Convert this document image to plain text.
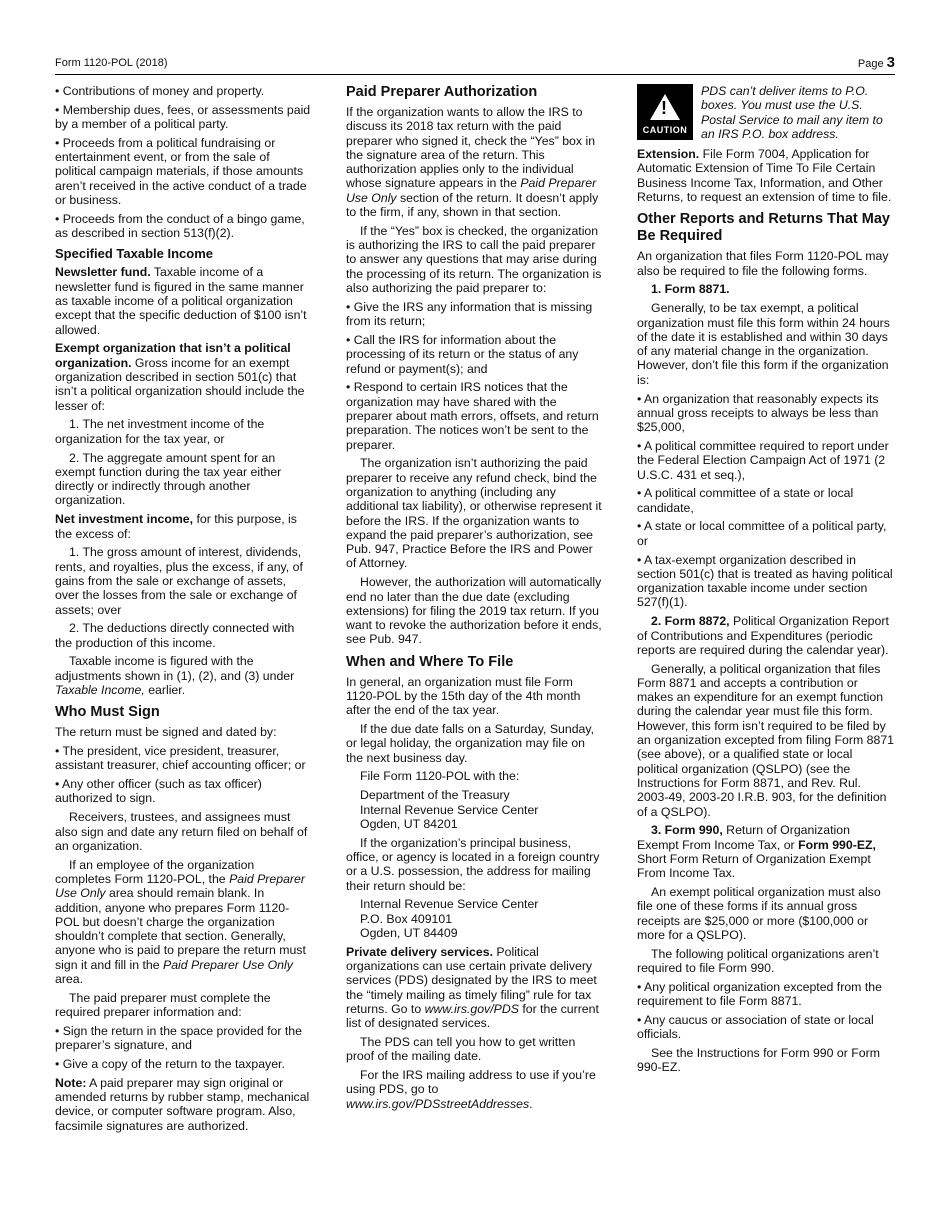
Form 1120-POL (2018)	Page 3

• Contributions of money and property.

• Membership dues, fees, or assessments paid by a member of a political party.

• Proceeds from a political fundraising or entertainment event, or from the sale of political campaign materials, if those amounts aren’t received in the active conduct of a trade or business.

• Proceeds from the conduct of a bingo game, as described in section 513(f)(2).

Specified Taxable Income

Newsletter fund. Taxable income of a newsletter fund is figured in the same manner as taxable income of a political organization except that the specific deduction of $100 isn’t allowed.

Exempt organization that isn’t a political organization. Gross income for an exempt organization described in section 501(c) that isn’t a political organization should include the lesser of:

1. The net investment income of the organization for the tax year, or

2. The aggregate amount spent for an exempt function during the tax year either directly or indirectly through another organization.

Net investment income, for this purpose, is the excess of:

1. The gross amount of interest, dividends, rents, and royalties, plus the excess, if any, of gains from the sale or exchange of assets, over the losses from the sale or exchange of assets; over

2. The deductions directly connected with the production of this income.

Taxable income is figured with the adjustments shown in (1), (2), and (3) under Taxable Income, earlier.

Who Must Sign

The return must be signed and dated by:

• The president, vice president, treasurer, assistant treasurer, chief accounting officer; or

• Any other officer (such as tax officer) authorized to sign.

Receivers, trustees, and assignees must also sign and date any return filed on behalf of an organization.

If an employee of the organization completes Form 1120-POL, the Paid Preparer Use Only area should remain blank. In addition, anyone who prepares Form 1120-POL but doesn’t charge the organization shouldn’t complete that section. Generally, anyone who is paid to prepare the return must sign it and fill in the Paid Preparer Use Only area.

The paid preparer must complete the required preparer information and:

• Sign the return in the space provided for the preparer’s signature, and

• Give a copy of the return to the taxpayer.

Note: A paid preparer may sign original or amended returns by rubber stamp, mechanical device, or computer software program. Also, facsimile signatures are authorized.

Paid Preparer Authorization

If the organization wants to allow the IRS to discuss its 2018 tax return with the paid preparer who signed it, check the “Yes” box in the signature area of the return. This authorization applies only to the individual whose signature appears in the Paid Preparer Use Only section of the return. It doesn’t apply to the firm, if any, shown in that section.

If the “Yes” box is checked, the organization is authorizing the IRS to call the paid preparer to answer any questions that may arise during the processing of its return. The organization is also authorizing the paid preparer to:

• Give the IRS any information that is missing from its return;

• Call the IRS for information about the processing of its return or the status of any refund or payment(s); and

• Respond to certain IRS notices that the organization may have shared with the preparer about math errors, offsets, and return preparation. The notices won’t be sent to the preparer.

The organization isn’t authorizing the paid preparer to receive any refund check, bind the organization to anything (including any additional tax liability), or otherwise represent it before the IRS. If the organization wants to expand the paid preparer’s authorization, see Pub. 947, Practice Before the IRS and Power of Attorney.

However, the authorization will automatically end no later than the due date (excluding extensions) for filing the 2019 tax return. If you want to revoke the authorization before it ends, see Pub. 947.

When and Where To File

In general, an organization must file Form 1120-POL by the 15th day of the 4th month after the end of the tax year.

If the due date falls on a Saturday, Sunday, or legal holiday, the organization may file on the next business day.

File Form 1120-POL with the:

Department of the Treasury
Internal Revenue Service Center
Ogden, UT 84201

If the organization’s principal business, office, or agency is located in a foreign country or a U.S. possession, the address for mailing their return should be:

Internal Revenue Service Center
P.O. Box 409101
Ogden, UT 84409

Private delivery services. Political organizations can use certain private delivery services (PDS) designated by the IRS to meet the “timely mailing as timely filing” rule for tax returns. Go to www.irs.gov/PDS for the current list of designated services.

The PDS can tell you how to get written proof of the mailing date.

For the IRS mailing address to use if you’re using PDS, go to www.irs.gov/PDSstreetAddresses.

!
CAUTION
PDS can’t deliver items to P.O. boxes. You must use the U.S. Postal Service to mail any item to an IRS P.O. box address.

Extension. File Form 7004, Application for Automatic Extension of Time To File Certain Business Income Tax, Information, and Other Returns, to request an extension of time to file.

Other Reports and Returns That May Be Required

An organization that files Form 1120-POL may also be required to file the following forms.

1. Form 8871.

Generally, to be tax exempt, a political organization must file this form within 24 hours of the date it is established and within 30 days of any material change in the organization. However, don’t file this form if the organization is:

• An organization that reasonably expects its annual gross receipts to always be less than $25,000,

• A political committee required to report under the Federal Election Campaign Act of 1971 (2 U.S.C. 431 et seq.),

• A political committee of a state or local candidate,

• A state or local committee of a political party, or

• A tax-exempt organization described in section 501(c) that is treated as having political organization taxable income under section 527(f)(1).

2. Form 8872, Political Organization Report of Contributions and Expenditures (periodic reports are required during the calendar year).

Generally, a political organization that files Form 8871 and accepts a contribution or makes an expenditure for an exempt function during the calendar year must file this form. However, this form isn’t required to be filed by an organization excepted from filing Form 8871 (see above), or a qualified state or local political organization (QSLPO) (see the Instructions for Form 8871, and Rev. Rul. 2003-49, 2003-20 I.R.B. 903, for the definition of a QSLPO).

3. Form 990, Return of Organization Exempt From Income Tax, or Form 990-EZ, Short Form Return of Organization Exempt From Income Tax.

An exempt political organization must also file one of these forms if its annual gross receipts are $25,000 or more ($100,000 or more for a QSLPO).

The following political organizations aren’t required to file Form 990.

• Any political organization excepted from the requirement to file Form 8871.

• Any caucus or association of state or local officials.

See the Instructions for Form 990 or Form 990-EZ.
